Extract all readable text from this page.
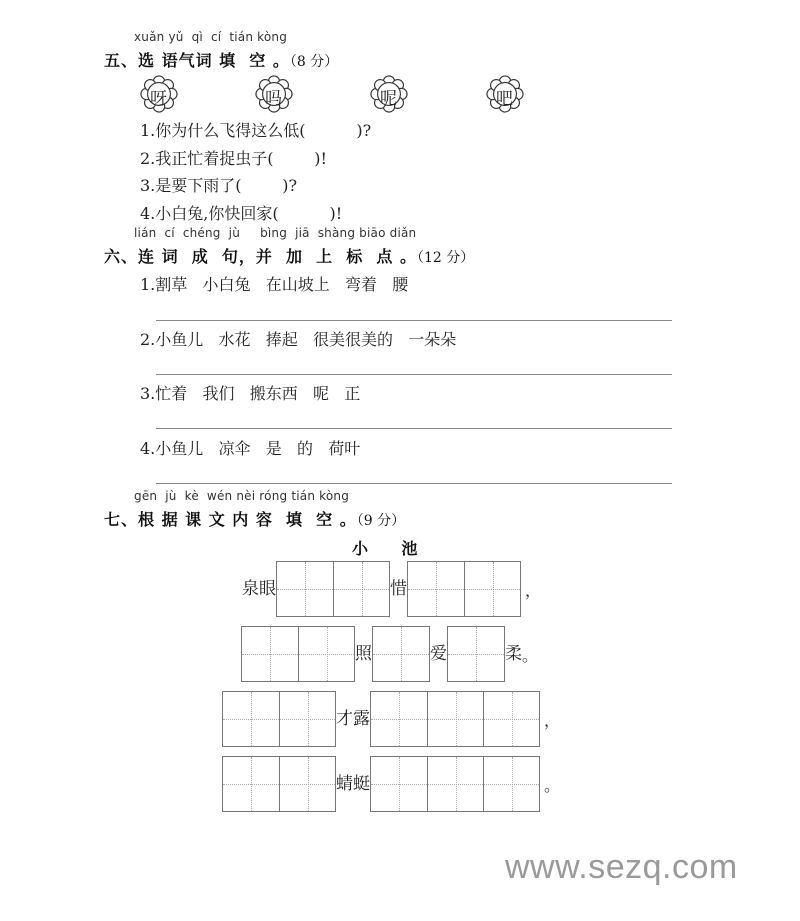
xuǎn yǔ  qì  cí  tián kòng
五、选 语气词 填  空 。（8 分）
呀	吗	呢	吧
1.你为什么飞得这么低(	)?
2.我正忙着捉虫子(	)!
3.是要下雨了(	)?
4.小白兔,你快回家(	)!
lián  cí  chéng  jù     bìng  jiā  shàng biāo diǎn
六、连 词  成  句，并  加  上  标  点 。（12 分）
1.割草   小白兔   在山坡上   弯着   腰
2.小鱼儿   水花   捧起   很美很美的   一朵朵
3.忙着   我们   搬东西   呢   正
4.小鱼儿   凉伞   是   的   荷叶
gēn  jù  kè  wén nèi róng tián kòng
七、根 据 课 文 内 容  填  空 。（9 分）
小      池
泉眼	惜	，
照	爱	柔 。
才露	，
蜻蜓	。
www.sezq.com
